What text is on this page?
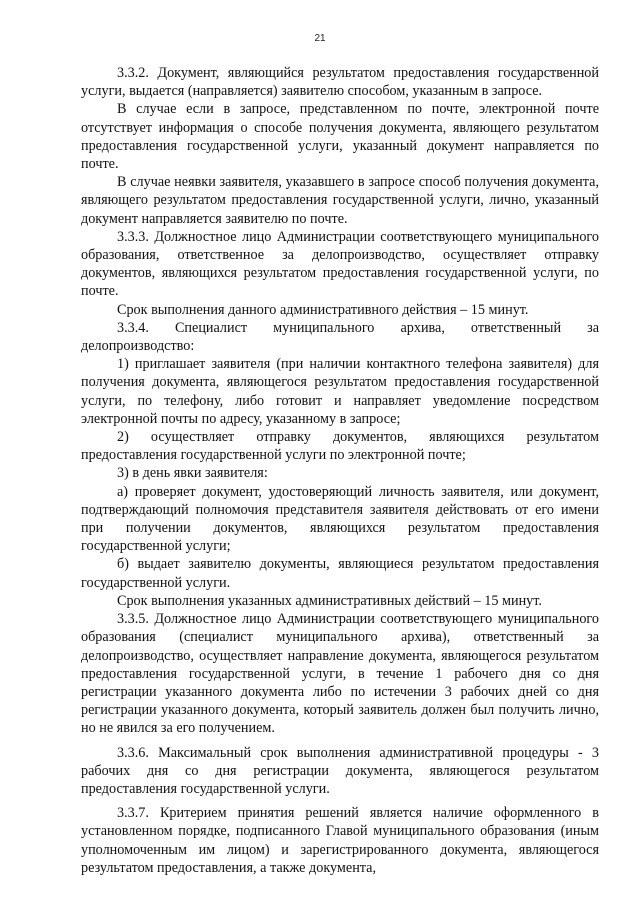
21

3.3.2. Документ, являющийся результатом предоставления государственной услуги, выдается (направляется) заявителю способом, указанным в запросе.

В случае если в запросе, представленном по почте, электронной почте отсутствует информация о способе получения документа, являющего результатом предоставления государственной услуги, указанный документ направляется по почте.

В случае неявки заявителя, указавшего в запросе способ получения документа, являющего результатом предоставления государственной услуги, лично, указанный документ направляется заявителю по почте.

3.3.3. Должностное лицо Администрации соответствующего муниципального образования, ответственное за делопроизводство, осуществляет отправку документов, являющихся результатом предоставления государственной услуги, по почте.

Срок выполнения данного административного действия – 15 минут.

3.3.4. Специалист муниципального архива, ответственный за делопроизводство:

1) приглашает заявителя (при наличии контактного телефона заявителя) для получения документа, являющегося результатом предоставления государственной услуги, по телефону, либо готовит и направляет уведомление посредством электронной почты по адресу, указанному в запросе;

2) осуществляет отправку документов, являющихся результатом предоставления государственной услуги по электронной почте;

3) в день явки заявителя:

а) проверяет документ, удостоверяющий личность заявителя, или документ, подтверждающий полномочия представителя заявителя действовать от его имени при получении документов, являющихся результатом предоставления государственной услуги;

б) выдает заявителю документы, являющиеся результатом предоставления государственной услуги.

Срок выполнения указанных административных действий – 15 минут.

3.3.5. Должностное лицо Администрации соответствующего муниципального образования (специалист муниципального архива), ответственный за делопроизводство, осуществляет направление документа, являющегося результатом предоставления государственной услуги, в течение 1 рабочего дня со дня регистрации указанного документа либо по истечении 3 рабочих дней со дня регистрации указанного документа, который заявитель должен был получить лично, но не явился за его получением.

3.3.6. Максимальный срок выполнения административной процедуры - 3 рабочих дня со дня регистрации документа, являющегося результатом предоставления государственной услуги.

3.3.7. Критерием принятия решений является наличие оформленного в установленном порядке, подписанного Главой муниципального образования (иным уполномоченным им лицом) и зарегистрированного документа, являющегося результатом предоставления, а также документа,
